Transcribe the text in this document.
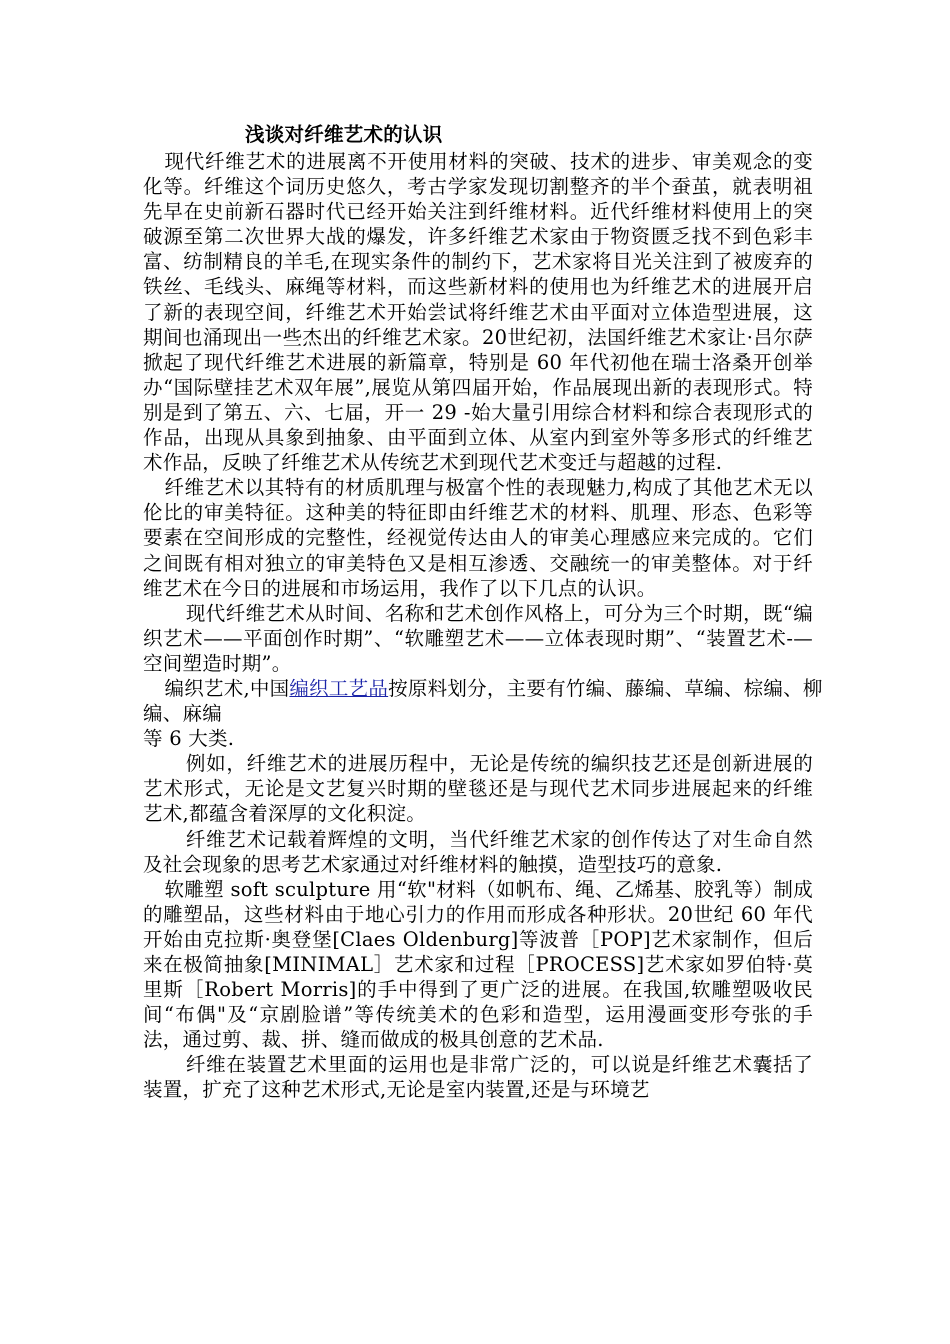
浅谈对纤维艺术的认识

现代纤维艺术的进展离不开使用材料的突破、技术的进步、审美观念的变化等。纤维这个词历史悠久，考古学家发现切割整齐的半个蚕茧，就表明祖先早在史前新石器时代已经开始关注到纤维材料。近代纤维材料使用上的突破源至第二次世界大战的爆发，许多纤维艺术家由于物资匮乏找不到色彩丰富、纺制精良的羊毛,在现实条件的制约下，艺术家将目光关注到了被废弃的铁丝、毛线头、麻绳等材料，而这些新材料的使用也为纤维艺术的进展开启了新的表现空间，纤维艺术开始尝试将纤维艺术由平面对立体造型进展，这期间也涌现出一些杰出的纤维艺术家。20世纪初，法国纤维艺术家让·吕尔萨掀起了现代纤维艺术进展的新篇章，特别是 60 年代初他在瑞士洛桑开创举办“国际壁挂艺术双年展”,展览从第四届开始，作品展现出新的表现形式。特别是到了第五、六、七届，开一 29 -始大量引用综合材料和综合表现形式的作品，出现从具象到抽象、由平面到立体、从室内到室外等多形式的纤维艺术作品，反映了纤维艺术从传统艺术到现代艺术变迁与超越的过程.

纤维艺术以其特有的材质肌理与极富个性的表现魅力,构成了其他艺术无以伦比的审美特征。这种美的特征即由纤维艺术的材料、肌理、形态、色彩等要素在空间形成的完整性，经视觉传达由人的审美心理感应来完成的。它们之间既有相对独立的审美特色又是相互渗透、交融统一的审美整体。对于纤维艺术在今日的进展和市场运用，我作了以下几点的认识。

现代纤维艺术从时间、名称和艺术创作风格上，可分为三个时期，既“编织艺术——平面创作时期”、“软雕塑艺术——立体表现时期”、“装置艺术-—空间塑造时期”。

编织艺术,中国编织工艺品按原料划分，主要有竹编、藤编、草编、棕编、柳编、麻编

等 6 大类.

例如，纤维艺术的进展历程中，无论是传统的编织技艺还是创新进展的艺术形式，无论是文艺复兴时期的壁毯还是与现代艺术同步进展起来的纤维艺术,都蕴含着深厚的文化积淀。

纤维艺术记载着辉煌的文明，当代纤维艺术家的创作传达了对生命自然及社会现象的思考艺术家通过对纤维材料的触摸，造型技巧的意象.

软雕塑 soft sculpture 用“软"材料（如帆布、绳、乙烯基、胶乳等）制成的雕塑品，这些材料由于地心引力的作用而形成各种形状。20世纪 60 年代开始由克拉斯·奥登堡[Claes Oldenburg]等波普［POP]艺术家制作，但后来在极简抽象[MINIMAL］艺术家和过程［PROCESS]艺术家如罗伯特·莫里斯［Robert Morris]的手中得到了更广泛的进展。在我国,软雕塑吸收民间“布偶"及“京剧脸谱”等传统美术的色彩和造型，运用漫画变形夸张的手法，通过剪、裁、拼、缝而做成的极具创意的艺术品.

纤维在装置艺术里面的运用也是非常广泛的，可以说是纤维艺术囊括了装置，扩充了这种艺术形式,无论是室内装置,还是与环境艺
